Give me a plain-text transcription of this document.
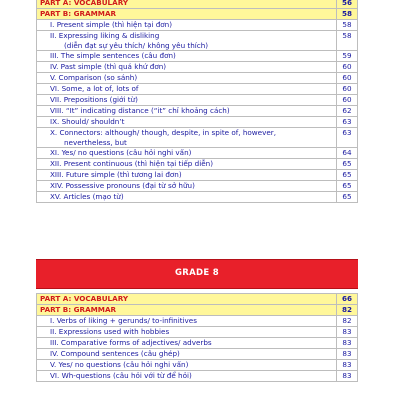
PART A: VOCABULARY	56
PART B: GRAMMAR	58
I. Present simple (thì hiện tại đơn)	58
II. Expressing liking & disliking
(diễn đạt sự yêu thích/ không yêu thích)	58
III. The simple sentences (câu đơn)	59
IV. Past simple (thì quá khứ đơn)	60
V. Comparison (so sánh)	60
VI. Some, a lot of, lots of	60
VII. Prepositions (giới từ)	60
VIII. “It” indicating distance (“it” chỉ khoảng cách)	62
IX. Should/ shouldn’t	63
X. Connectors: although/ though, despite, in spite of, however,
nevertheless, but	63
XI. Yes/ no questions (câu hỏi nghi vấn)	64
XII. Present continuous (thì hiện tại tiếp diễn)	65
XIII. Future simple (thì tương lai đơn)	65
XIV. Possessive pronouns (đại từ sở hữu)	65
XV. Articles (mạo từ)	65
GRADE 8
PART A: VOCABULARY	66
PART B: GRAMMAR	82
I. Verbs of liking + gerunds/ to-infinitives	82
II. Expressions used with hobbies	83
III. Comparative forms of adjectives/ adverbs	83
IV. Compound sentences (câu ghép)	83
V. Yes/ no questions (câu hỏi nghi vấn)	83
VI. Wh-questions (câu hỏi với từ để hỏi)	83
